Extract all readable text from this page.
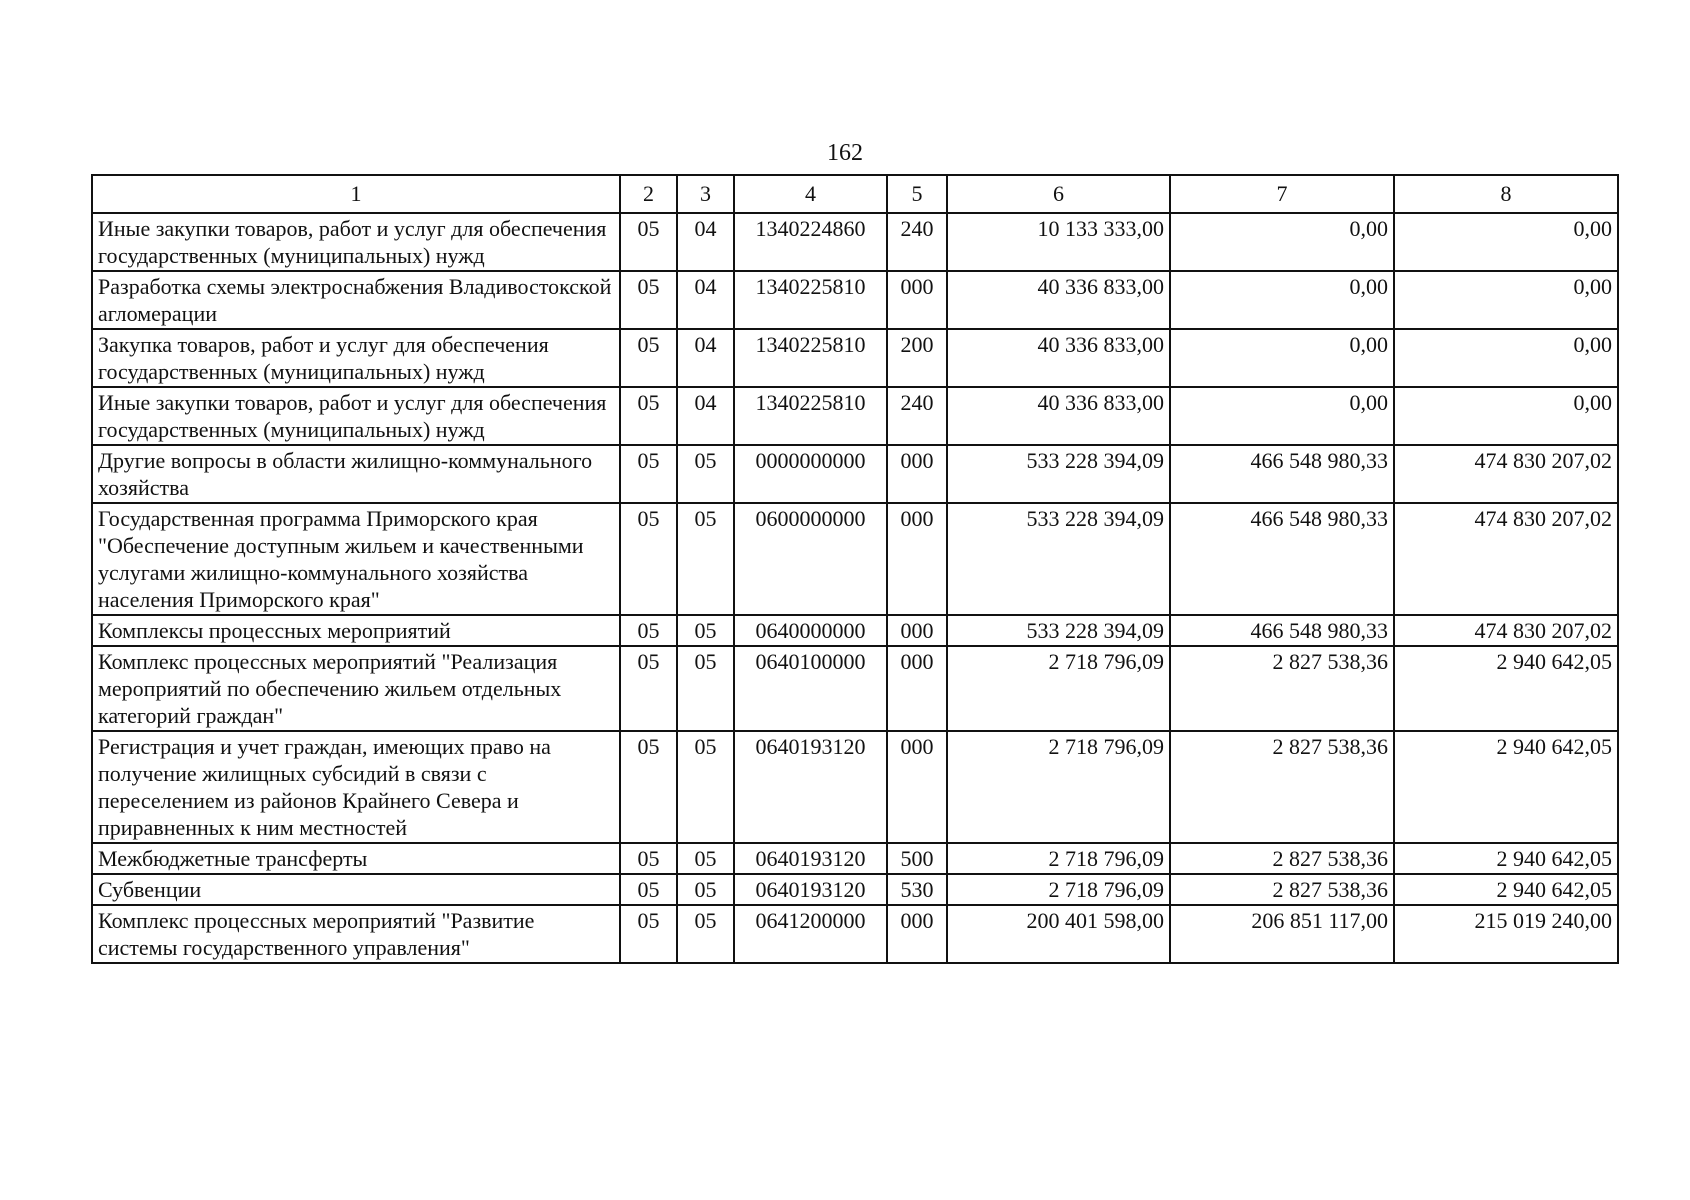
162
1	2	3	4	5	6	7	8
Иные закупки товаров, работ и услуг для обеспечения государственных (муниципальных) нужд	05	04	1340224860	240	10 133 333,00	0,00	0,00
Разработка схемы электроснабжения Владивостокской агломерации	05	04	1340225810	000	40 336 833,00	0,00	0,00
Закупка товаров, работ и услуг для обеспечения государственных (муниципальных) нужд	05	04	1340225810	200	40 336 833,00	0,00	0,00
Иные закупки товаров, работ и услуг для обеспечения государственных (муниципальных) нужд	05	04	1340225810	240	40 336 833,00	0,00	0,00
Другие вопросы в области жилищно-коммунального хозяйства	05	05	0000000000	000	533 228 394,09	466 548 980,33	474 830 207,02
Государственная программа Приморского края "Обеспечение доступным жильем и качественными услугами жилищно-коммунального хозяйства населения Приморского края"	05	05	0600000000	000	533 228 394,09	466 548 980,33	474 830 207,02
Комплексы процессных мероприятий	05	05	0640000000	000	533 228 394,09	466 548 980,33	474 830 207,02
Комплекс процессных мероприятий "Реализация мероприятий по обеспечению жильем отдельных категорий граждан"	05	05	0640100000	000	2 718 796,09	2 827 538,36	2 940 642,05
Регистрация и учет граждан, имеющих право на получение жилищных субсидий в связи с переселением из районов Крайнего Севера и приравненных к ним местностей	05	05	0640193120	000	2 718 796,09	2 827 538,36	2 940 642,05
Межбюджетные трансферты	05	05	0640193120	500	2 718 796,09	2 827 538,36	2 940 642,05
Субвенции	05	05	0640193120	530	2 718 796,09	2 827 538,36	2 940 642,05
Комплекс процессных мероприятий "Развитие системы государственного управления"	05	05	0641200000	000	200 401 598,00	206 851 117,00	215 019 240,00
